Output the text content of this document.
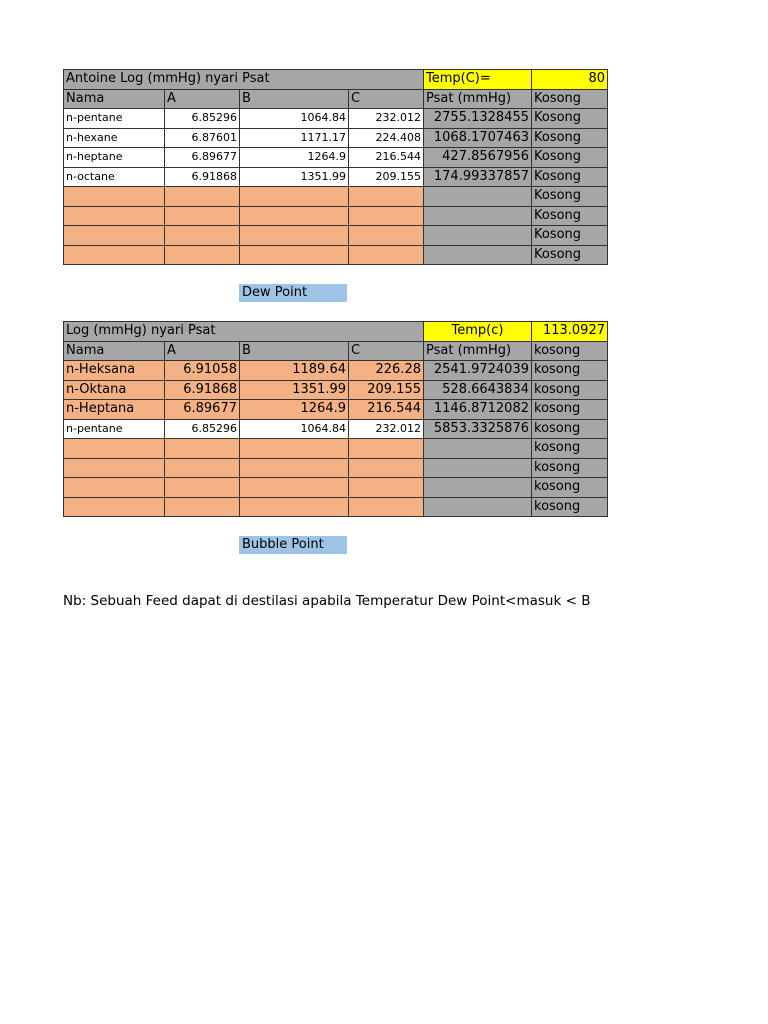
Antoine Log (mmHg) nyari Psat				Temp(C)=	80
Nama	A	B	C	Psat (mmHg)	Kosong
n-pentane	6.85296	1064.84	232.012	2755.1328455	Kosong
n-hexane	6.87601	1171.17	224.408	1068.1707463	Kosong
n-heptane	6.89677	1264.9	216.544	427.8567956	Kosong
n-octane	6.91868	1351.99	209.155	174.99337857	Kosong
					Kosong
					Kosong
					Kosong
					Kosong
Dew Point
Log (mmHg) nyari Psat				Temp(c)	113.0927
Nama	A	B	C	Psat (mmHg)	kosong
n-Heksana	6.91058	1189.64	226.28	2541.9724039	kosong
n-Oktana	6.91868	1351.99	209.155	528.6643834	kosong
n-Heptana	6.89677	1264.9	216.544	1146.8712082	kosong
n-pentane	6.85296	1064.84	232.012	5853.3325876	kosong
					kosong
					kosong
					kosong
					kosong
Bubble Point
Nb: Sebuah Feed dapat di destilasi apabila Temperatur Dew Point<masuk < B
